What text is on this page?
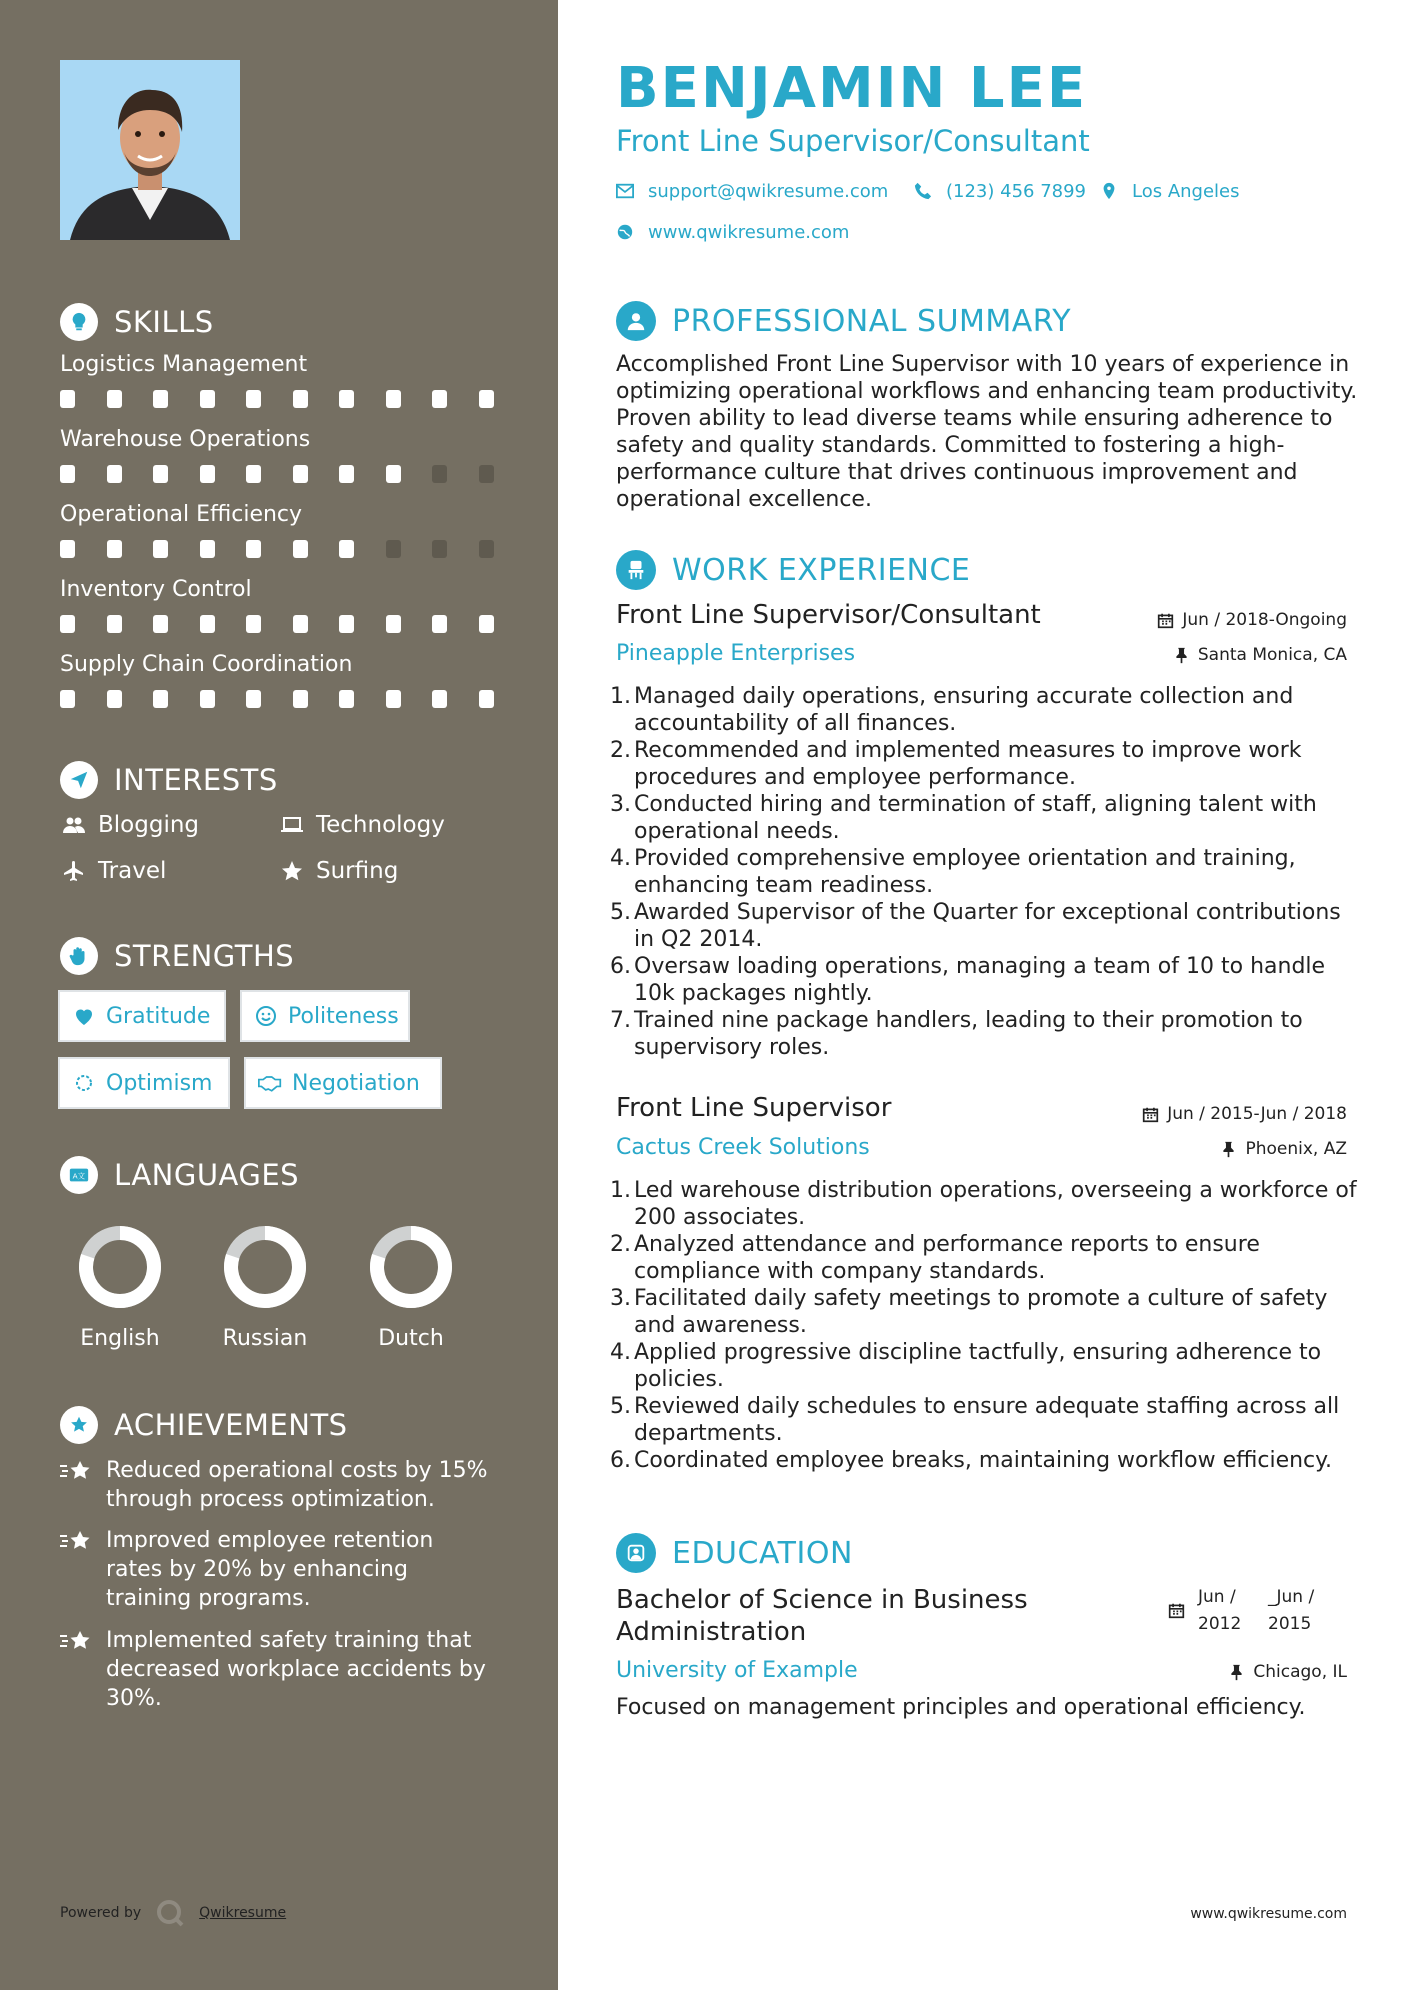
SKILLS
Logistics Management
Warehouse Operations
Operational Efficiency
Inventory Control
Supply Chain Coordination
INTERESTS
Blogging	Technology
Travel	Surfing
STRENGTHS
Gratitude	Politeness
Optimism	Negotiation
A文 LANGUAGES
English	Russian	Dutch
ACHIEVEMENTS
Reduced operational costs by 15% through process optimization.
Improved employee retention rates by 20% by enhancing training programs.
Implemented safety training that decreased workplace accidents by 30%.
Powered by	Qwikresume
BENJAMIN LEE
Front Line Supervisor/Consultant
support@qwikresume.com	(123) 456 7899	Los Angeles
www.qwikresume.com
PROFESSIONAL SUMMARY
Accomplished Front Line Supervisor with 10 years of experience in optimizing operational workflows and enhancing team productivity. Proven ability to lead diverse teams while ensuring adherence to safety and quality standards. Committed to fostering a high-performance culture that drives continuous improvement and operational excellence.
WORK EXPERIENCE
Front Line Supervisor/Consultant	Jun / 2018-Ongoing
Pineapple Enterprises	Santa Monica, CA
1. Managed daily operations, ensuring accurate collection and accountability of all finances.
2. Recommended and implemented measures to improve work procedures and employee performance.
3. Conducted hiring and termination of staff, aligning talent with operational needs.
4. Provided comprehensive employee orientation and training, enhancing team readiness.
5. Awarded Supervisor of the Quarter for exceptional contributions in Q2 2014.
6. Oversaw loading operations, managing a team of 10 to handle 10k packages nightly.
7. Trained nine package handlers, leading to their promotion to supervisory roles.
Front Line Supervisor	Jun / 2015-Jun / 2018
Cactus Creek Solutions	Phoenix, AZ
1. Led warehouse distribution operations, overseeing a workforce of 200 associates.
2. Analyzed attendance and performance reports to ensure compliance with company standards.
3. Facilitated daily safety meetings to promote a culture of safety and awareness.
4. Applied progressive discipline tactfully, ensuring adherence to policies.
5. Reviewed daily schedules to ensure adequate staffing across all departments.
6. Coordinated employee breaks, maintaining workflow efficiency.
EDUCATION
Bachelor of Science in Business Administration
Jun / 2012
_Jun / 2015
University of Example	Chicago, IL
Focused on management principles and operational efficiency.
www.qwikresume.com
